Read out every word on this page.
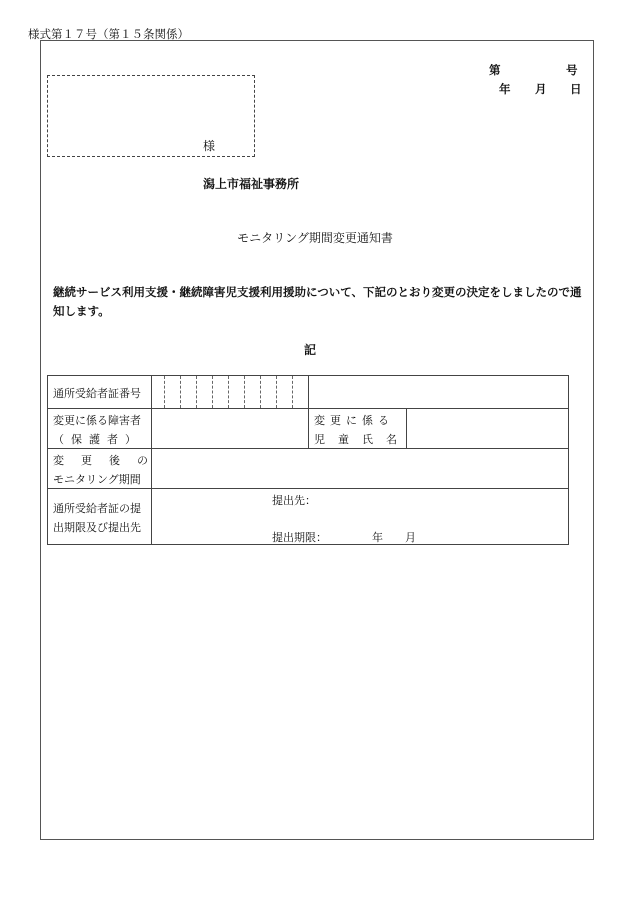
様式第１７号（第１５条関係）
第	号
年 月 日
様
潟上市福祉事務所
モニタリング期間変更通知書
継続サービス利用支援・継続障害児支援利用援助について、下記のとおり変更の決定をしましたので通知します。
記
通所受給者証番号
変更に係る障害者
（保護者）
変更に係る
児童氏名
変更後の
モニタリング期間
通所受給者証の提
出期限及び提出先
提出先：
提出期限：	年 月
